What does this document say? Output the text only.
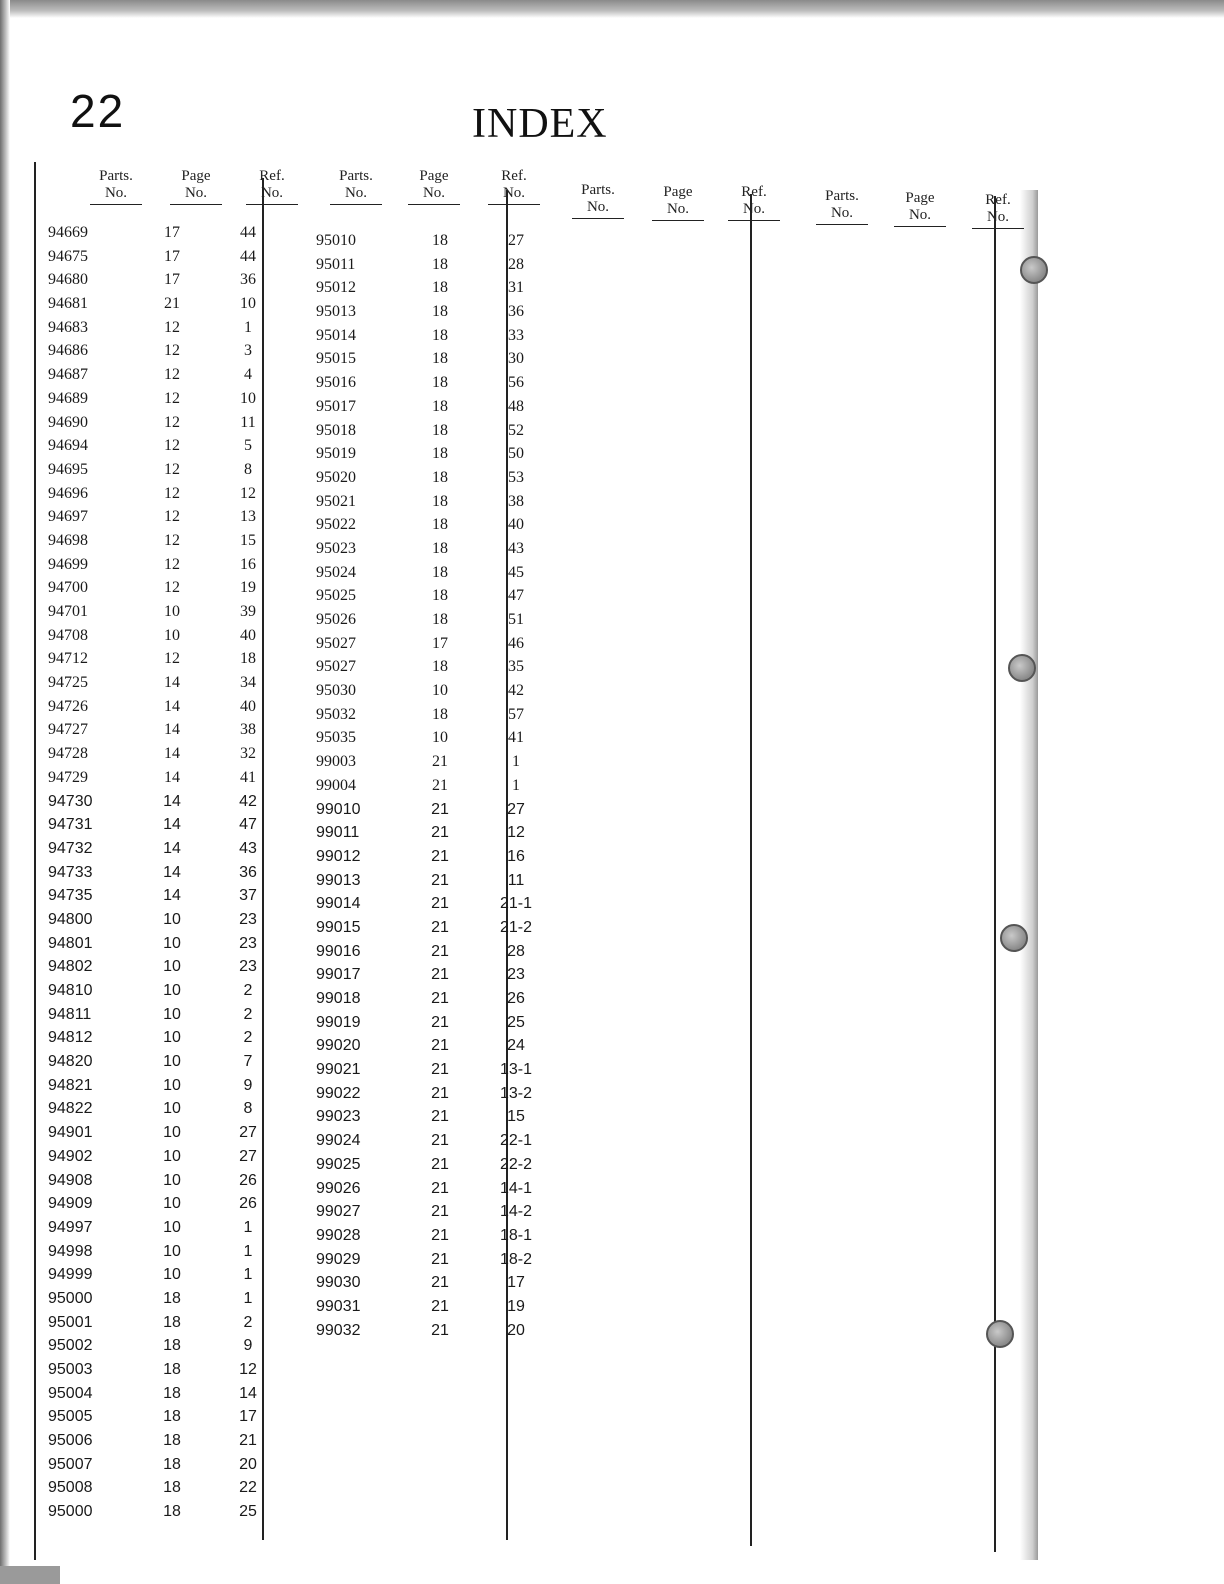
22	INDEX
Parts.
No.
Page
No.
Ref.
No.
94669	17	44
94675	17	44
94680	17	36
94681	21	10
94683	12	1
94686	12	3
94687	12	4
94689	12	10
94690	12	11
94694	12	5
94695	12	8
94696	12	12
94697	12	13
94698	12	15
94699	12	16
94700	12	19
94701	10	39
94708	10	40
94712	12	18
94725	14	34
94726	14	40
94727	14	38
94728	14	32
94729	14	41
94730	14	42
94731	14	47
94732	14	43
94733	14	36
94735	14	37
94800	10	23
94801	10	23
94802	10	23
94810	10	2
94811	10	2
94812	10	2
94820	10	7
94821	10	9
94822	10	8
94901	10	27
94902	10	27
94908	10	26
94909	10	26
94997	10	1
94998	10	1
94999	10	1
95000	18	1
95001	18	2
95002	18	9
95003	18	12
95004	18	14
95005	18	17
95006	18	21
95007	18	20
95008	18	22
95000	18	25
Parts.
No.
Page
No.
Ref.
No.
95010	18	27
95011	18	28
95012	18	31
95013	18	36
95014	18	33
95015	18	30
95016	18	56
95017	18	48
95018	18	52
95019	18	50
95020	18	53
95021	18	38
95022	18	40
95023	18	43
95024	18	45
95025	18	47
95026	18	51
95027	17	46
95027	18	35
95030	10	42
95032	18	57
95035	10	41
99003	21	1
99004	21	1
99010	21	27
99011	21	12
99012	21	16
99013	21	11
99014	21	21-1
99015	21	21-2
99016	21	28
99017	21	23
99018	21	26
99019	21	25
99020	21	24
99021	21	13-1
99022	21	13-2
99023	21	15
99024	21	22-1
99025	21	22-2
99026	21	14-1
99027	21	14-2
99028	21	18-1
99029	21	18-2
99030	21	17
99031	21	19
99032	21	20
Parts.
No.
Page
No.
Ref.
No.
Parts.
No.
Page
No.
Ref.
No.
